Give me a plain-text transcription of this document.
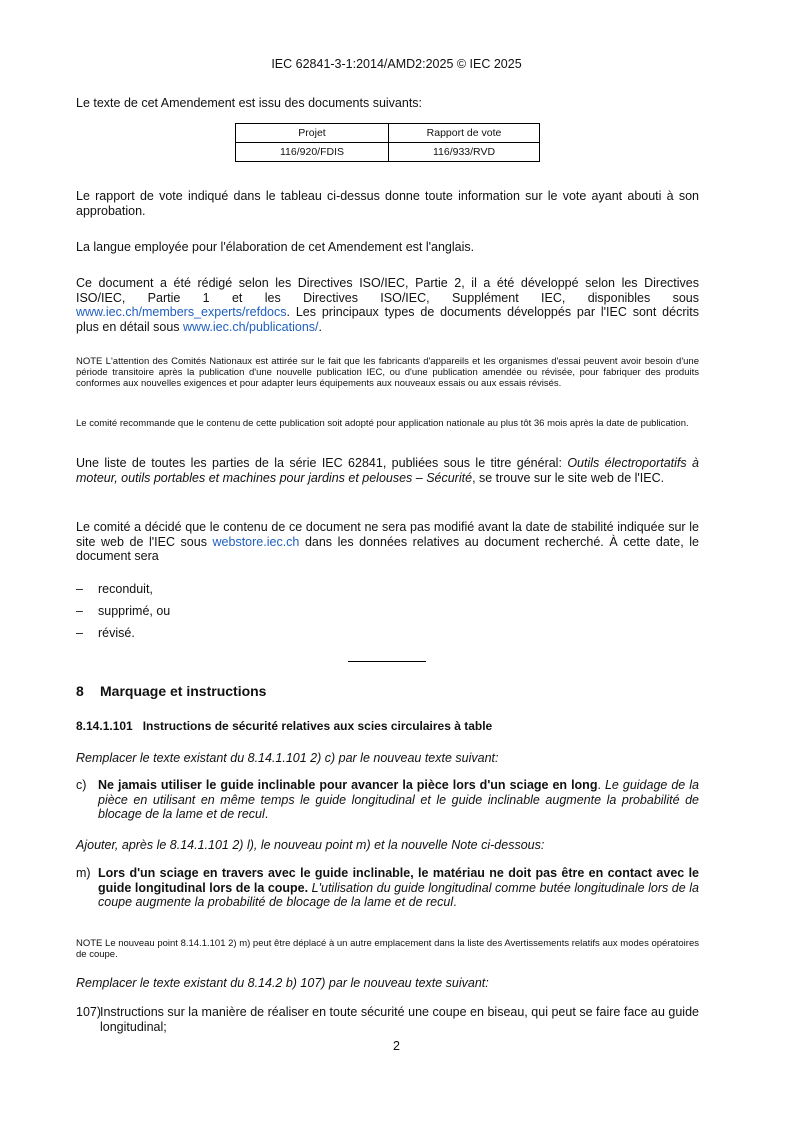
IEC 62841-3-1:2014/AMD2:2025 © IEC 2025
Le texte de cet Amendement est issu des documents suivants:
Projet	Rapport de vote
116/920/FDIS	116/933/RVD
Le rapport de vote indiqué dans le tableau ci-dessus donne toute information sur le vote ayant abouti à son approbation.
La langue employée pour l'élaboration de cet Amendement est l'anglais.
Ce document a été rédigé selon les Directives ISO/IEC, Partie 2, il a été développé selon les Directives ISO/IEC, Partie 1 et les Directives ISO/IEC, Supplément IEC, disponibles sous www.iec.ch/members_experts/refdocs. Les principaux types de documents développés par l'IEC sont décrits plus en détail sous www.iec.ch/publications/.
NOTE L'attention des Comités Nationaux est attirée sur le fait que les fabricants d'appareils et les organismes d'essai peuvent avoir besoin d'une période transitoire après la publication d'une nouvelle publication IEC, ou d'une publication amendée ou révisée, pour fabriquer des produits conformes aux nouvelles exigences et pour adapter leurs équipements aux nouveaux essais ou aux essais révisés.
Le comité recommande que le contenu de cette publication soit adopté pour application nationale au plus tôt 36 mois après la date de publication.
Une liste de toutes les parties de la série IEC 62841, publiées sous le titre général: Outils électroportatifs à moteur, outils portables et machines pour jardins et pelouses – Sécurité, se trouve sur le site web de l'IEC.
Le comité a décidé que le contenu de ce document ne sera pas modifié avant la date de stabilité indiquée sur le site web de l'IEC sous webstore.iec.ch dans les données relatives au document recherché. À cette date, le document sera
– reconduit,
– supprimé, ou
– révisé.
8 Marquage et instructions
8.14.1.101   Instructions de sécurité relatives aux scies circulaires à table
Remplacer le texte existant du 8.14.1.101 2) c) par le nouveau texte suivant:
c) Ne jamais utiliser le guide inclinable pour avancer la pièce lors d'un sciage en long. Le guidage de la pièce en utilisant en même temps le guide longitudinal et le guide inclinable augmente la probabilité de blocage de la lame et de recul.
Ajouter, après le 8.14.1.101 2) l), le nouveau point m) et la nouvelle Note ci-dessous:
m) Lors d'un sciage en travers avec le guide inclinable, le matériau ne doit pas être en contact avec le guide longitudinal lors de la coupe. L'utilisation du guide longitudinal comme butée longitudinale lors de la coupe augmente la probabilité de blocage de la lame et de recul.
NOTE Le nouveau point 8.14.1.101 2) m) peut être déplacé à un autre emplacement dans la liste des Avertissements relatifs aux modes opératoires de coupe.
Remplacer le texte existant du 8.14.2 b) 107) par le nouveau texte suivant:
107)
Instructions sur la manière de réaliser en toute sécurité une coupe en biseau, qui peut se faire face au guide longitudinal;
2
